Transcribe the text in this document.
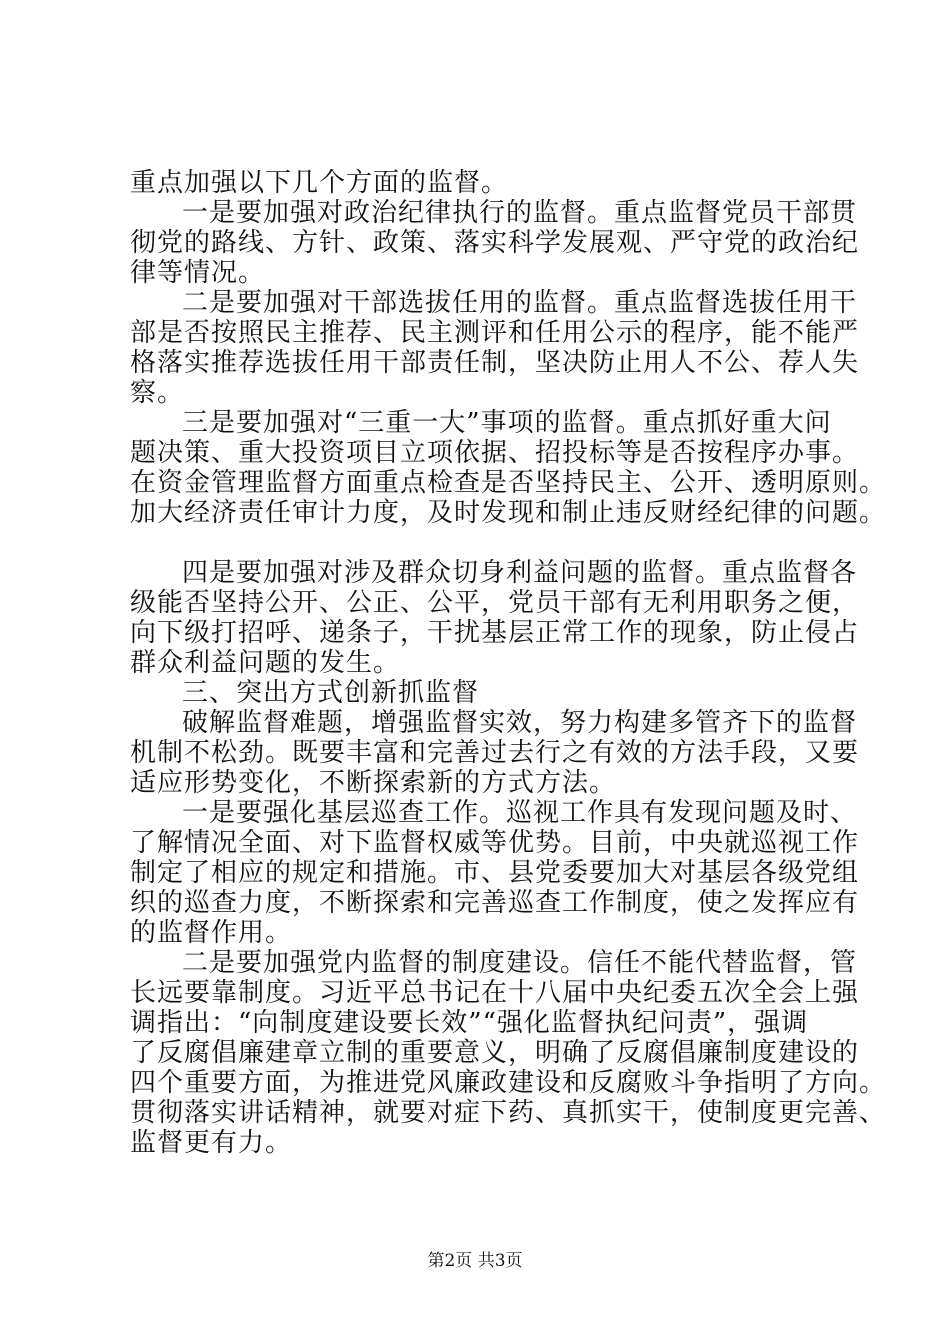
重点加强以下几个方面的监督。

一是要加强对政治纪律执行的监督。重点监督党员干部贯

彻党的路线、方针、政策、落实科学发展观、严守党的政治纪

律等情况。

二是要加强对干部选拔任用的监督。重点监督选拔任用干

部是否按照民主推荐、民主测评和任用公示的程序，能不能严

格落实推荐选拔任用干部责任制，坚决防止用人不公、荐人失

察。

三是要加强对“三重一大”事项的监督。重点抓好重大问

题决策、重大投资项目立项依据、招投标等是否按程序办事。

在资金管理监督方面重点检查是否坚持民主、公开、透明原则。

加大经济责任审计力度，及时发现和制止违反财经纪律的问题。

四是要加强对涉及群众切身利益问题的监督。重点监督各

级能否坚持公开、公正、公平，党员干部有无利用职务之便，

向下级打招呼、递条子，干扰基层正常工作的现象，防止侵占

群众利益问题的发生。

三、突出方式创新抓监督

破解监督难题，增强监督实效，努力构建多管齐下的监督

机制不松劲。既要丰富和完善过去行之有效的方法手段，又要

适应形势变化，不断探索新的方式方法。

一是要强化基层巡查工作。巡视工作具有发现问题及时、

了解情况全面、对下监督权威等优势。目前，中央就巡视工作

制定了相应的规定和措施。市、县党委要加大对基层各级党组

织的巡查力度，不断探索和完善巡查工作制度，使之发挥应有

的监督作用。

二是要加强党内监督的制度建设。信任不能代替监督，管

长远要靠制度。习近平总书记在十八届中央纪委五次全会上强

调指出：“向制度建设要长效”“强化监督执纪问责”，强调

了反腐倡廉建章立制的重要意义，明确了反腐倡廉制度建设的

四个重要方面，为推进党风廉政建设和反腐败斗争指明了方向。

贯彻落实讲话精神，就要对症下药、真抓实干，使制度更完善、

监督更有力。

第2页 共3页
